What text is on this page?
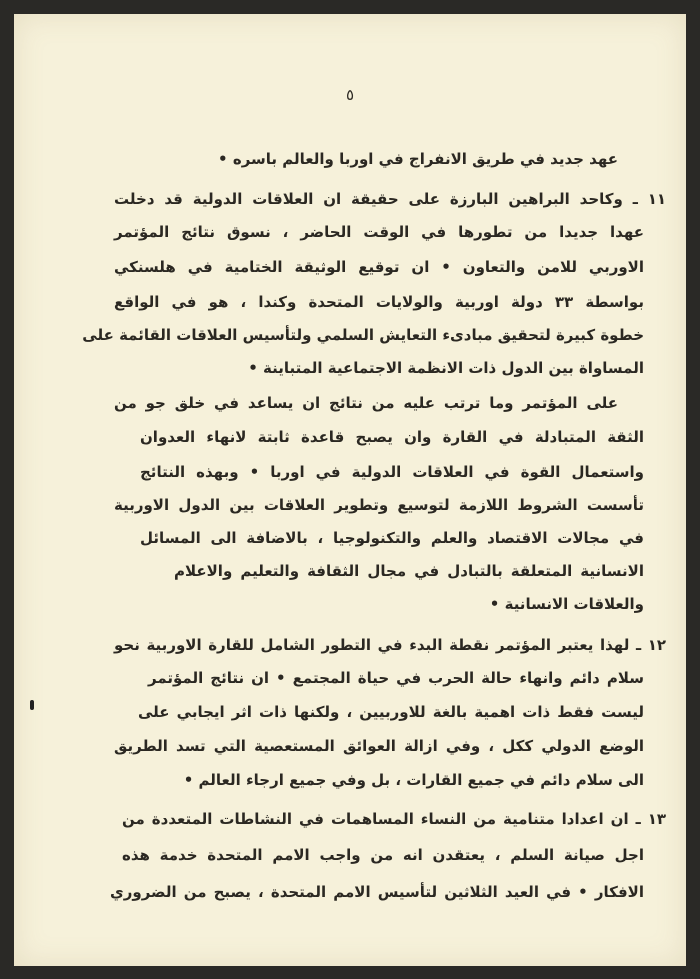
٥
عهد جديد في طريق الانفراج في اوربا والعالم باسره •
١١ ـ وكاحد البراهين البارزة على حقيقة ان العلاقات الدولية قد دخلت
عهدا جديدا من تطورها في الوقت الحاضر ، نسوق نتائج المؤتمر
الاوربي للامن والتعاون • ان توقيع الوثيقة الختامية في هلسنكي
بواسطة ٣٣ دولة اوربية والولايات المتحدة وكندا ، هو في الواقع
خطوة كبيرة لتحقيق مبادىء التعايش السلمي ولتأسيس العلاقات القائمة على
المساواة بين الدول ذات الانظمة الاجتماعية المتباينة •
على المؤتمر وما ترتب عليه من نتائج ان يساعد في خلق جو من
الثقة المتبادلة في القارة وان يصبح قاعدة ثابتة لانهاء العدوان
واستعمال القوة في العلاقات الدولية في اوربا • وبهذه النتائج
تأسست الشروط اللازمة لتوسيع وتطوير العلاقات بين الدول الاوربية
في مجالات الاقتصاد والعلم والتكنولوجيا ، بالاضافة الى المسائل
الانسانية المتعلقة بالتبادل في مجال الثقافة والتعليم والاعلام
والعلاقات الانسانية •
١٢ ـ لهذا يعتبر المؤتمر نقطة البدء في التطور الشامل للقارة الاوربية نحو
سلام دائم وانهاء حالة الحرب في حياة المجتمع • ان نتائج المؤتمر
ليست فقط ذات اهمية بالغة للاوربيين ، ولكنها ذات اثر ايجابي على
الوضع الدولي ككل ، وفي ازالة العوائق المستعصية التي تسد الطريق
الى سلام دائم في جميع القارات ، بل وفي جميع ارجاء العالم •
١٣ ـ ان اعدادا متنامية من النساء المساهمات في النشاطات المتعددة من
اجل صيانة السلم ، يعتقدن انه من واجب الامم المتحدة خدمة هذه
الافكار • في العيد الثلاثين لتأسيس الامم المتحدة ، يصبح من الضروري
